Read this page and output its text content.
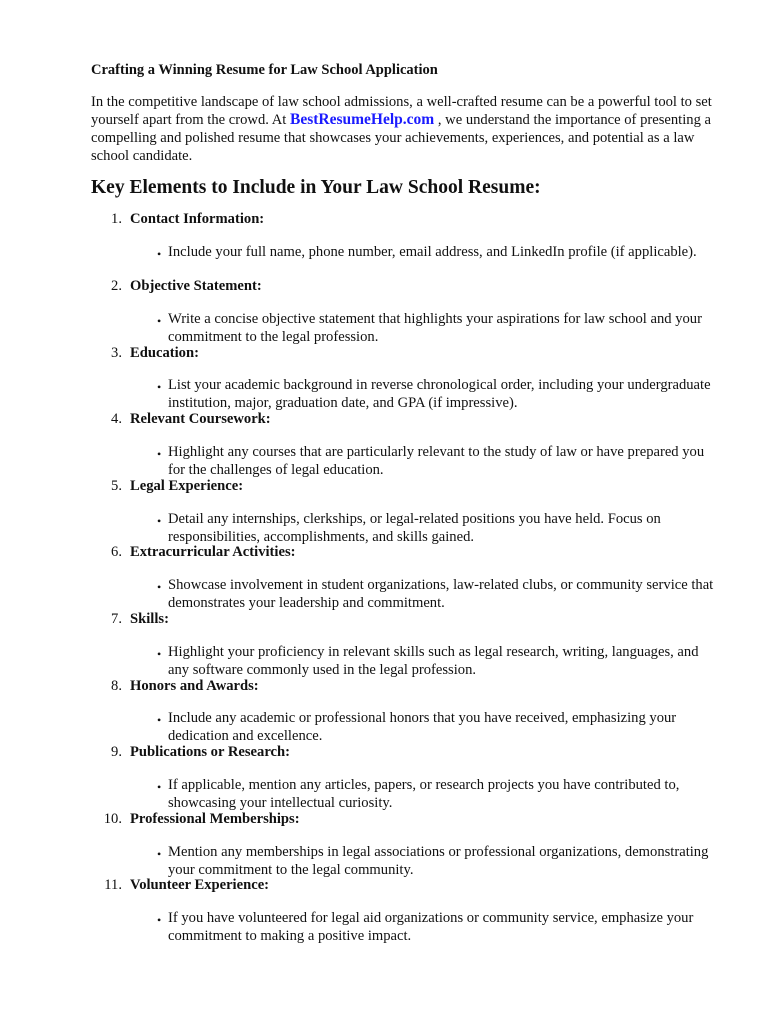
Crafting a Winning Resume for Law School Application

In the competitive landscape of law school admissions, a well-crafted resume can be a powerful tool to set yourself apart from the crowd. At BestResumeHelp.com , we understand the importance of presenting a compelling and polished resume that showcases your achievements, experiences, and potential as a law school candidate.

Key Elements to Include in Your Law School Resume:
1. Contact Information:
• Include your full name, phone number, email address, and LinkedIn profile (if applicable).
2. Objective Statement:
• Write a concise objective statement that highlights your aspirations for law school and your commitment to the legal profession.
3. Education:
• List your academic background in reverse chronological order, including your undergraduate institution, major, graduation date, and GPA (if impressive).
4. Relevant Coursework:
• Highlight any courses that are particularly relevant to the study of law or have prepared you for the challenges of legal education.
5. Legal Experience:
• Detail any internships, clerkships, or legal-related positions you have held. Focus on responsibilities, accomplishments, and skills gained.
6. Extracurricular Activities:
• Showcase involvement in student organizations, law-related clubs, or community service that demonstrates your leadership and commitment.
7. Skills:
• Highlight your proficiency in relevant skills such as legal research, writing, languages, and any software commonly used in the legal profession.
8. Honors and Awards:
• Include any academic or professional honors that you have received, emphasizing your dedication and excellence.
9. Publications or Research:
• If applicable, mention any articles, papers, or research projects you have contributed to, showcasing your intellectual curiosity.
10. Professional Memberships:
• Mention any memberships in legal associations or professional organizations, demonstrating your commitment to the legal community.
11. Volunteer Experience:
• If you have volunteered for legal aid organizations or community service, emphasize your commitment to making a positive impact.
